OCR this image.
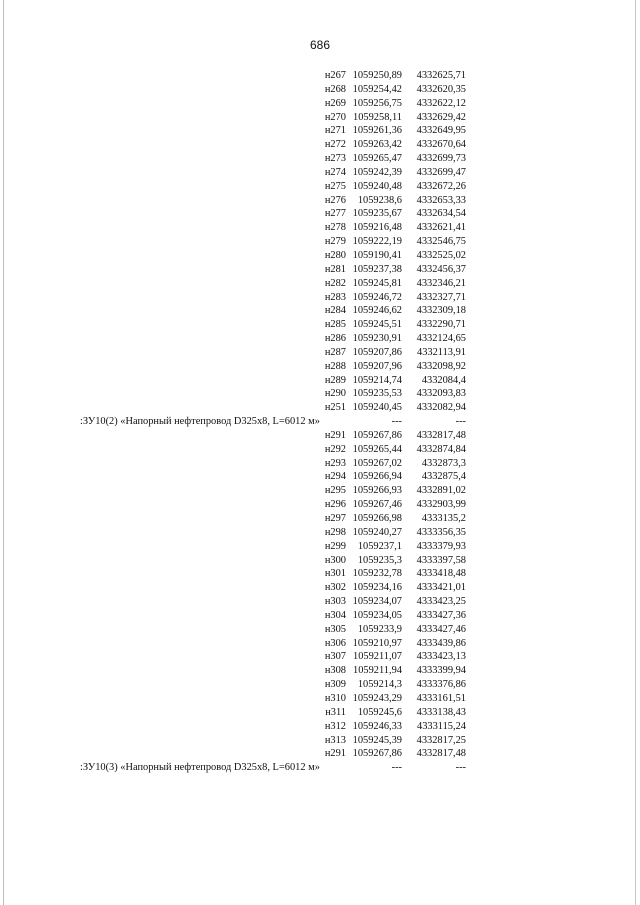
686
н267 1059250,89	4332625,71
н268 1059254,42	4332620,35
н269 1059256,75	4332622,12
н270 1059258,11	4332629,42
н271 1059261,36	4332649,95
н272 1059263,42	4332670,64
н273 1059265,47	4332699,73
н274 1059242,39	4332699,47
н275 1059240,48	4332672,26
н276	1059238,6	4332653,33
н277 1059235,67	4332634,54
н278 1059216,48	4332621,41
н279 1059222,19	4332546,75
н280 1059190,41	4332525,02
н281 1059237,38	4332456,37
н282 1059245,81	4332346,21
н283 1059246,72	4332327,71
н284 1059246,62	4332309,18
н285 1059245,51	4332290,71
н286 1059230,91	4332124,65
н287 1059207,86	4332113,91
н288 1059207,96	4332098,92
н289 1059214,74	4332084,4
н290 1059235,53	4332093,83
н251 1059240,45	4332082,94
:ЗУ10(2) «Напорный нефтепровод D325x8, L=6012 м»	---	---
н291 1059267,86	4332817,48
н292 1059265,44	4332874,84
н293 1059267,02	4332873,3
н294 1059266,94	4332875,4
н295 1059266,93	4332891,02
н296 1059267,46	4332903,99
н297 1059266,98	4333135,2
н298 1059240,27	4333356,35
н299	1059237,1	4333379,93
н300	1059235,3	4333397,58
н301 1059232,78	4333418,48
н302 1059234,16	4333421,01
н303 1059234,07	4333423,25
н304 1059234,05	4333427,36
н305	1059233,9	4333427,46
н306 1059210,97	4333439,86
н307 1059211,07	4333423,13
н308 1059211,94	4333399,94
н309	1059214,3	4333376,86
н310 1059243,29	4333161,51
н311	1059245,6	4333138,43
н312 1059246,33	4333115,24
н313 1059245,39	4332817,25
н291 1059267,86	4332817,48
:ЗУ10(3) «Напорный нефтепровод D325x8, L=6012 м»	---	---
